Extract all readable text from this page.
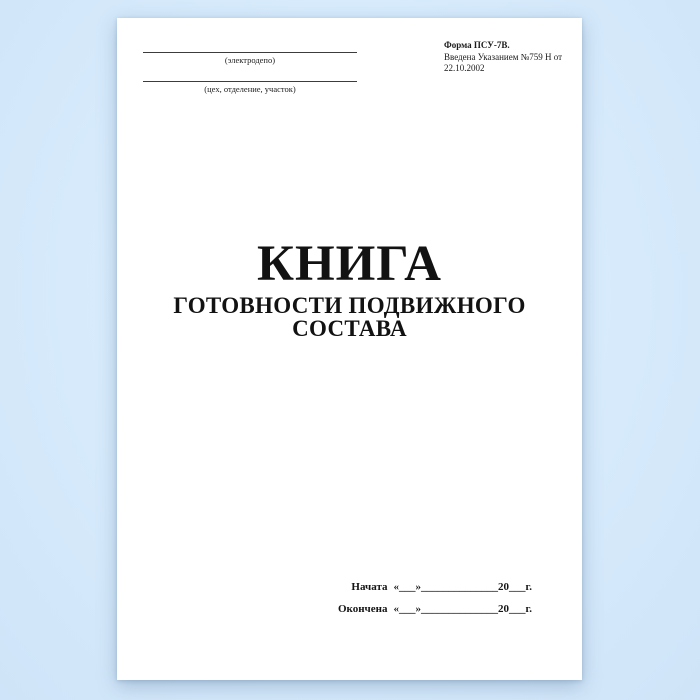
(электродепо)
(цех, отделение, участок)
Форма ПСУ-7В.
Введена Указанием №759 Н от
22.10.2002
КНИГА
ГОТОВНОСТИ ПОДВИЖНОГО СОСТАВА
Начата «___»______________20___г.
Окончена «___»______________20___г.
